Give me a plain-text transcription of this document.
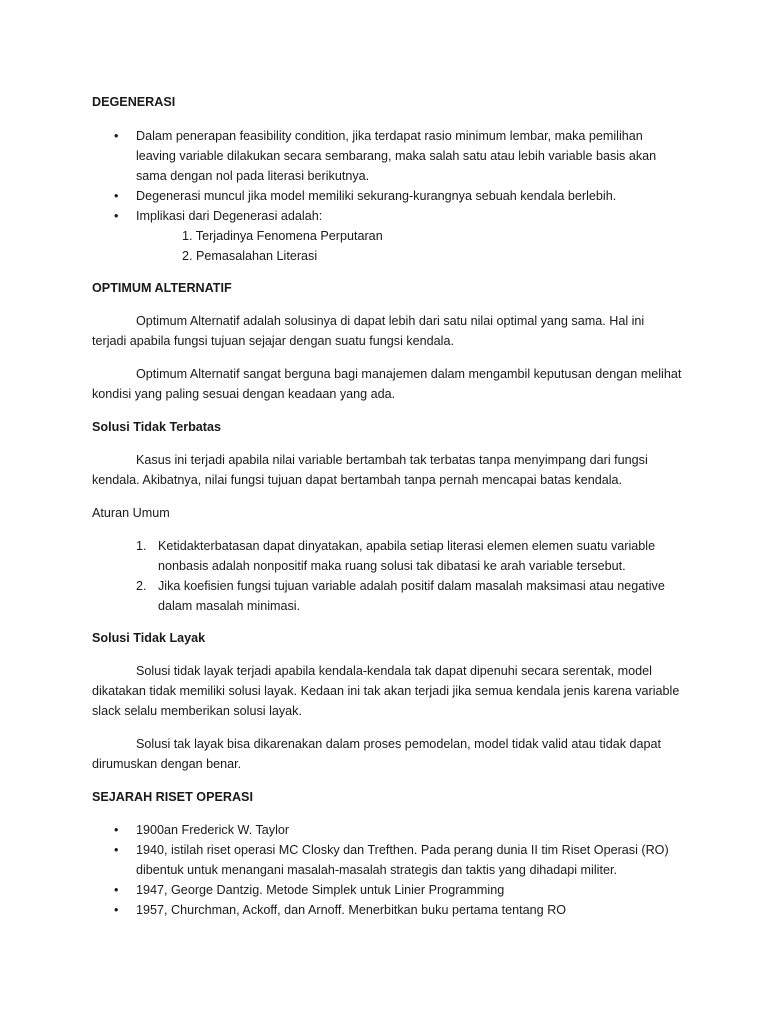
DEGENERASI
• Dalam penerapan feasibility condition, jika terdapat rasio minimum lembar, maka pemilihan leaving variable dilakukan secara sembarang, maka salah satu atau lebih variable basis akan sama dengan nol pada literasi berikutnya.
• Degenerasi muncul jika model memiliki sekurang-kurangnya sebuah kendala berlebih.
• Implikasi dari Degenerasi adalah:
1. Terjadinya Fenomena Perputaran
2. Pemasalahan Literasi
OPTIMUM ALTERNATIF

Optimum Alternatif adalah solusinya di dapat lebih dari satu nilai optimal yang sama. Hal ini terjadi apabila fungsi tujuan sejajar dengan suatu fungsi kendala.

Optimum Alternatif sangat berguna bagi manajemen dalam mengambil keputusan dengan melihat kondisi yang paling sesuai dengan keadaan yang ada.

Solusi Tidak Terbatas

Kasus ini terjadi apabila nilai variable bertambah tak terbatas tanpa menyimpang dari fungsi kendala. Akibatnya, nilai fungsi tujuan dapat bertambah tanpa pernah mencapai batas kendala.

Aturan Umum
1. Ketidakterbatasan dapat dinyatakan, apabila setiap literasi elemen elemen suatu variable nonbasis adalah nonpositif maka ruang solusi tak dibatasi ke arah variable tersebut.
2. Jika koefisien fungsi tujuan variable adalah positif dalam masalah maksimasi atau negative dalam masalah minimasi.
Solusi Tidak Layak

Solusi tidak layak terjadi apabila kendala-kendala tak dapat dipenuhi secara serentak, model dikatakan tidak memiliki solusi layak. Kedaan ini tak akan terjadi jika semua kendala jenis karena variable slack selalu memberikan solusi layak.

Solusi tak layak bisa dikarenakan dalam proses pemodelan, model tidak valid atau tidak dapat dirumuskan dengan benar.

SEJARAH RISET OPERASI
• 1900an Frederick W. Taylor
• 1940, istilah riset operasi MC Closky dan Trefthen. Pada perang dunia II tim Riset Operasi (RO) dibentuk untuk menangani masalah-masalah strategis dan taktis yang dihadapi militer.
• 1947, George Dantzig. Metode Simplek untuk Linier Programming
• 1957, Churchman, Ackoff, dan Arnoff. Menerbitkan buku pertama tentang RO
